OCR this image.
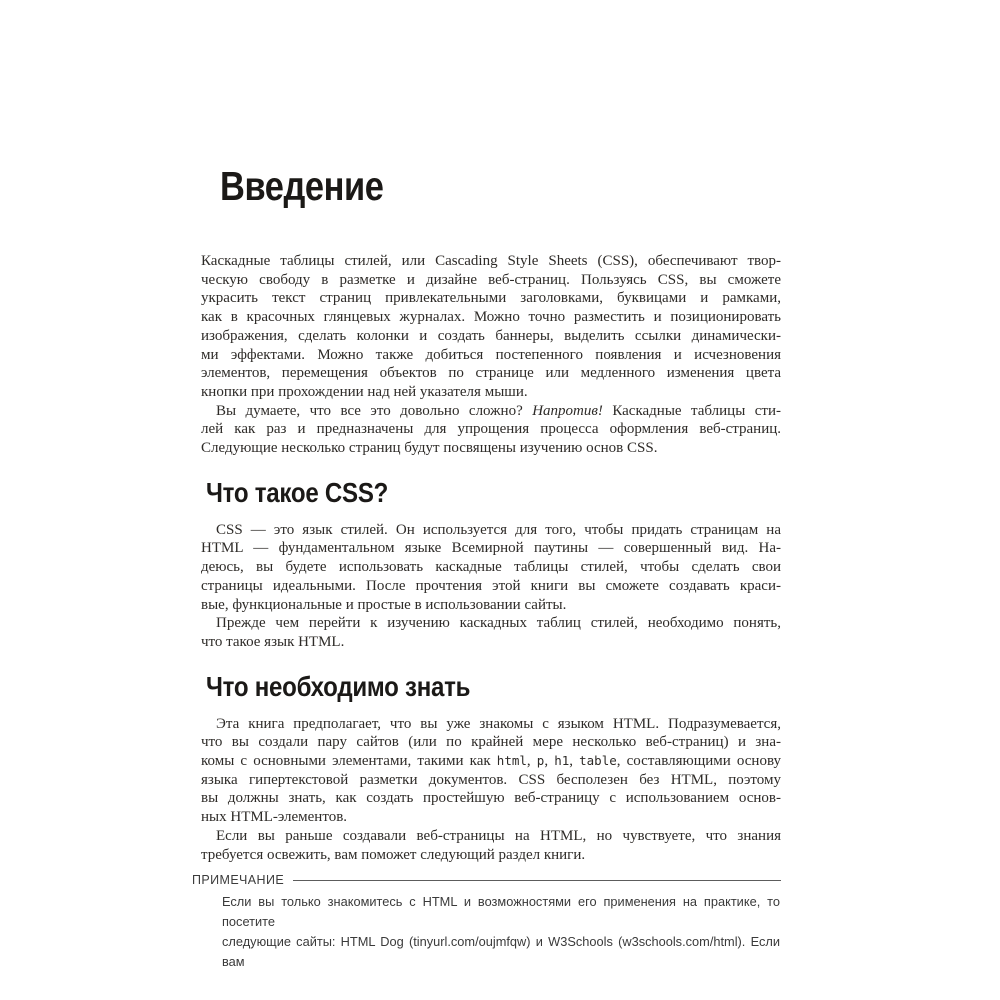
Введение
Каскадные таблицы стилей, или Cascading Style Sheets (CSS), обеспечивают твор-
ческую свободу в разметке и дизайне веб-страниц. Пользуясь CSS, вы сможете
украсить текст страниц привлекательными заголовками, буквицами и рамками,
как в красочных глянцевых журналах. Можно точно разместить и позиционировать
изображения, сделать колонки и создать баннеры, выделить ссылки динамически-
ми эффектами. Можно также добиться постепенного появления и исчезновения
элементов, перемещения объектов по странице или медленного изменения цвета
кнопки при прохождении над ней указателя мыши.
Вы думаете, что все это довольно сложно? Напротив! Каскадные таблицы сти-
лей как раз и предназначены для упрощения процесса оформления веб-страниц.
Следующие несколько страниц будут посвящены изучению основ CSS.
Что такое CSS?
CSS — это язык стилей. Он используется для того, чтобы придать страницам на
HTML — фундаментальном языке Всемирной паутины — совершенный вид. На-
деюсь, вы будете использовать каскадные таблицы стилей, чтобы сделать свои
страницы идеальными. После прочтения этой книги вы сможете создавать краси-
вые, функциональные и простые в использовании сайты.
Прежде чем перейти к изучению каскадных таблиц стилей, необходимо понять,
что такое язык HTML.
Что необходимо знать
Эта книга предполагает, что вы уже знакомы с языком HTML. Подразумевается,
что вы создали пару сайтов (или по крайней мере несколько веб-страниц) и зна-
комы с основными элементами, такими как html, p, h1, table, составляющими основу
языка гипертекстовой разметки документов. CSS бесполезен без HTML, поэтому
вы должны знать, как создать простейшую веб-страницу с использованием основ-
ных HTML-элементов.
Если вы раньше создавали веб-страницы на HTML, но чувствуете, что знания
требуется освежить, вам поможет следующий раздел книги.
ПРИМЕЧАНИЕ
Если вы только знакомитесь с HTML и возможностями его применения на практике, то посетите
следующие сайты: HTML Dog (tinyurl.com/oujmfqw) и W3Schools (w3schools.com/html). Если вам
